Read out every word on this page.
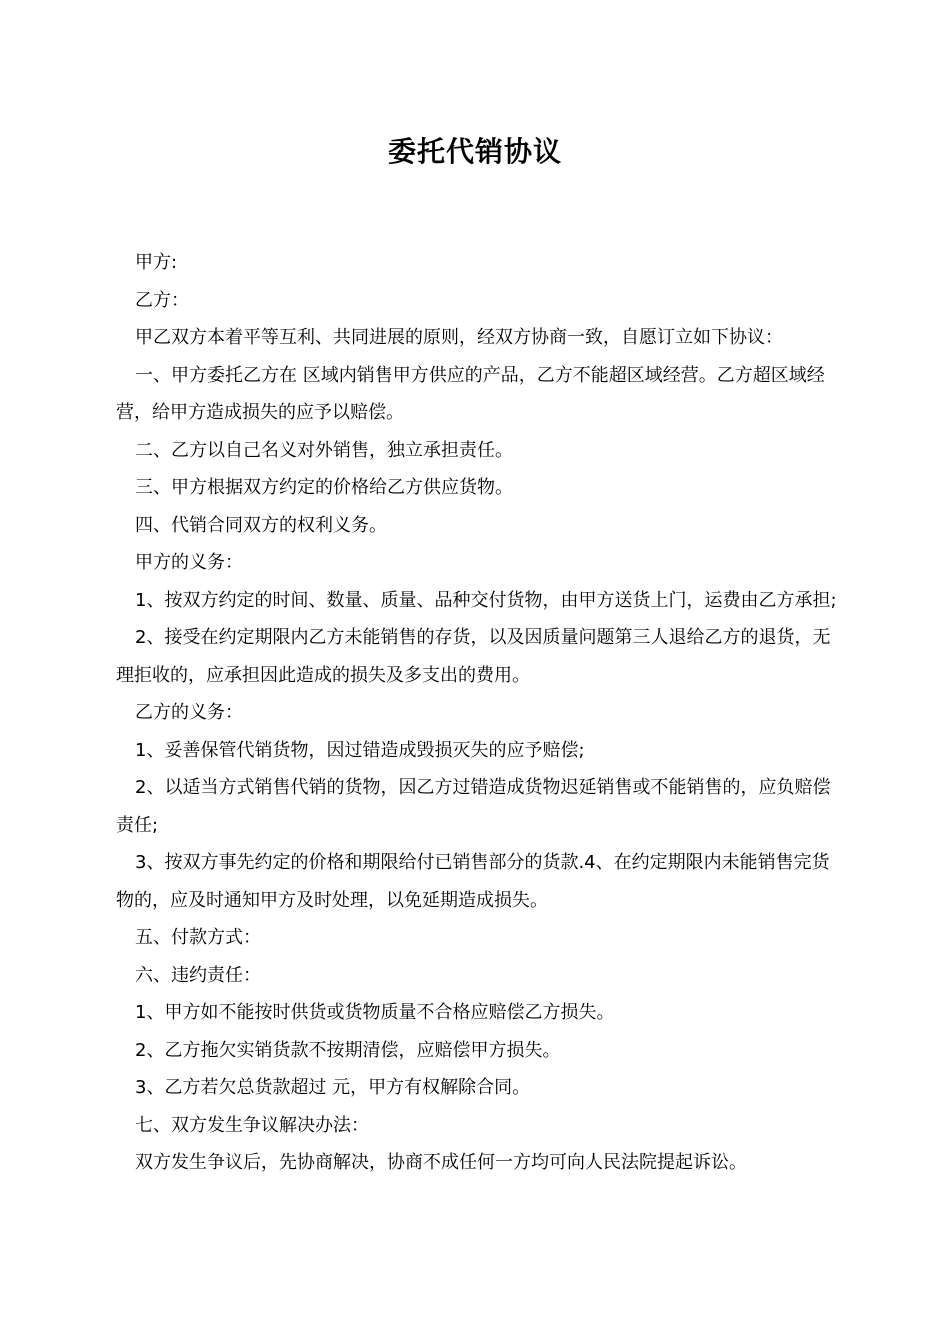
委托代销协议

甲方:

乙方：

甲乙双方本着平等互利、共同进展的原则，经双方协商一致，自愿订立如下协议：

一、甲方委托乙方在 区域内销售甲方供应的产品，乙方不能超区域经营。乙方超区域经营，给甲方造成损失的应予以赔偿。

二、乙方以自己名义对外销售，独立承担责任。

三、甲方根据双方约定的价格给乙方供应货物。

四、代销合同双方的权利义务。

甲方的义务：

1、按双方约定的时间、数量、质量、品种交付货物，由甲方送货上门，运费由乙方承担;

2、接受在约定期限内乙方未能销售的存货，以及因质量问题第三人退给乙方的退货，无理拒收的，应承担因此造成的损失及多支出的费用。

乙方的义务：

1、妥善保管代销货物，因过错造成毁损灭失的应予赔偿;

2、以适当方式销售代销的货物，因乙方过错造成货物迟延销售或不能销售的，应负赔偿责任;

3、按双方事先约定的价格和期限给付已销售部分的货款.4、在约定期限内未能销售完货物的，应及时通知甲方及时处理，以免延期造成损失。

五、付款方式：

六、违约责任：

1、甲方如不能按时供货或货物质量不合格应赔偿乙方损失。

2、乙方拖欠实销货款不按期清偿，应赔偿甲方损失。

3、乙方若欠总货款超过 元，甲方有权解除合同。

七、双方发生争议解决办法：

双方发生争议后，先协商解决，协商不成任何一方均可向人民法院提起诉讼。
